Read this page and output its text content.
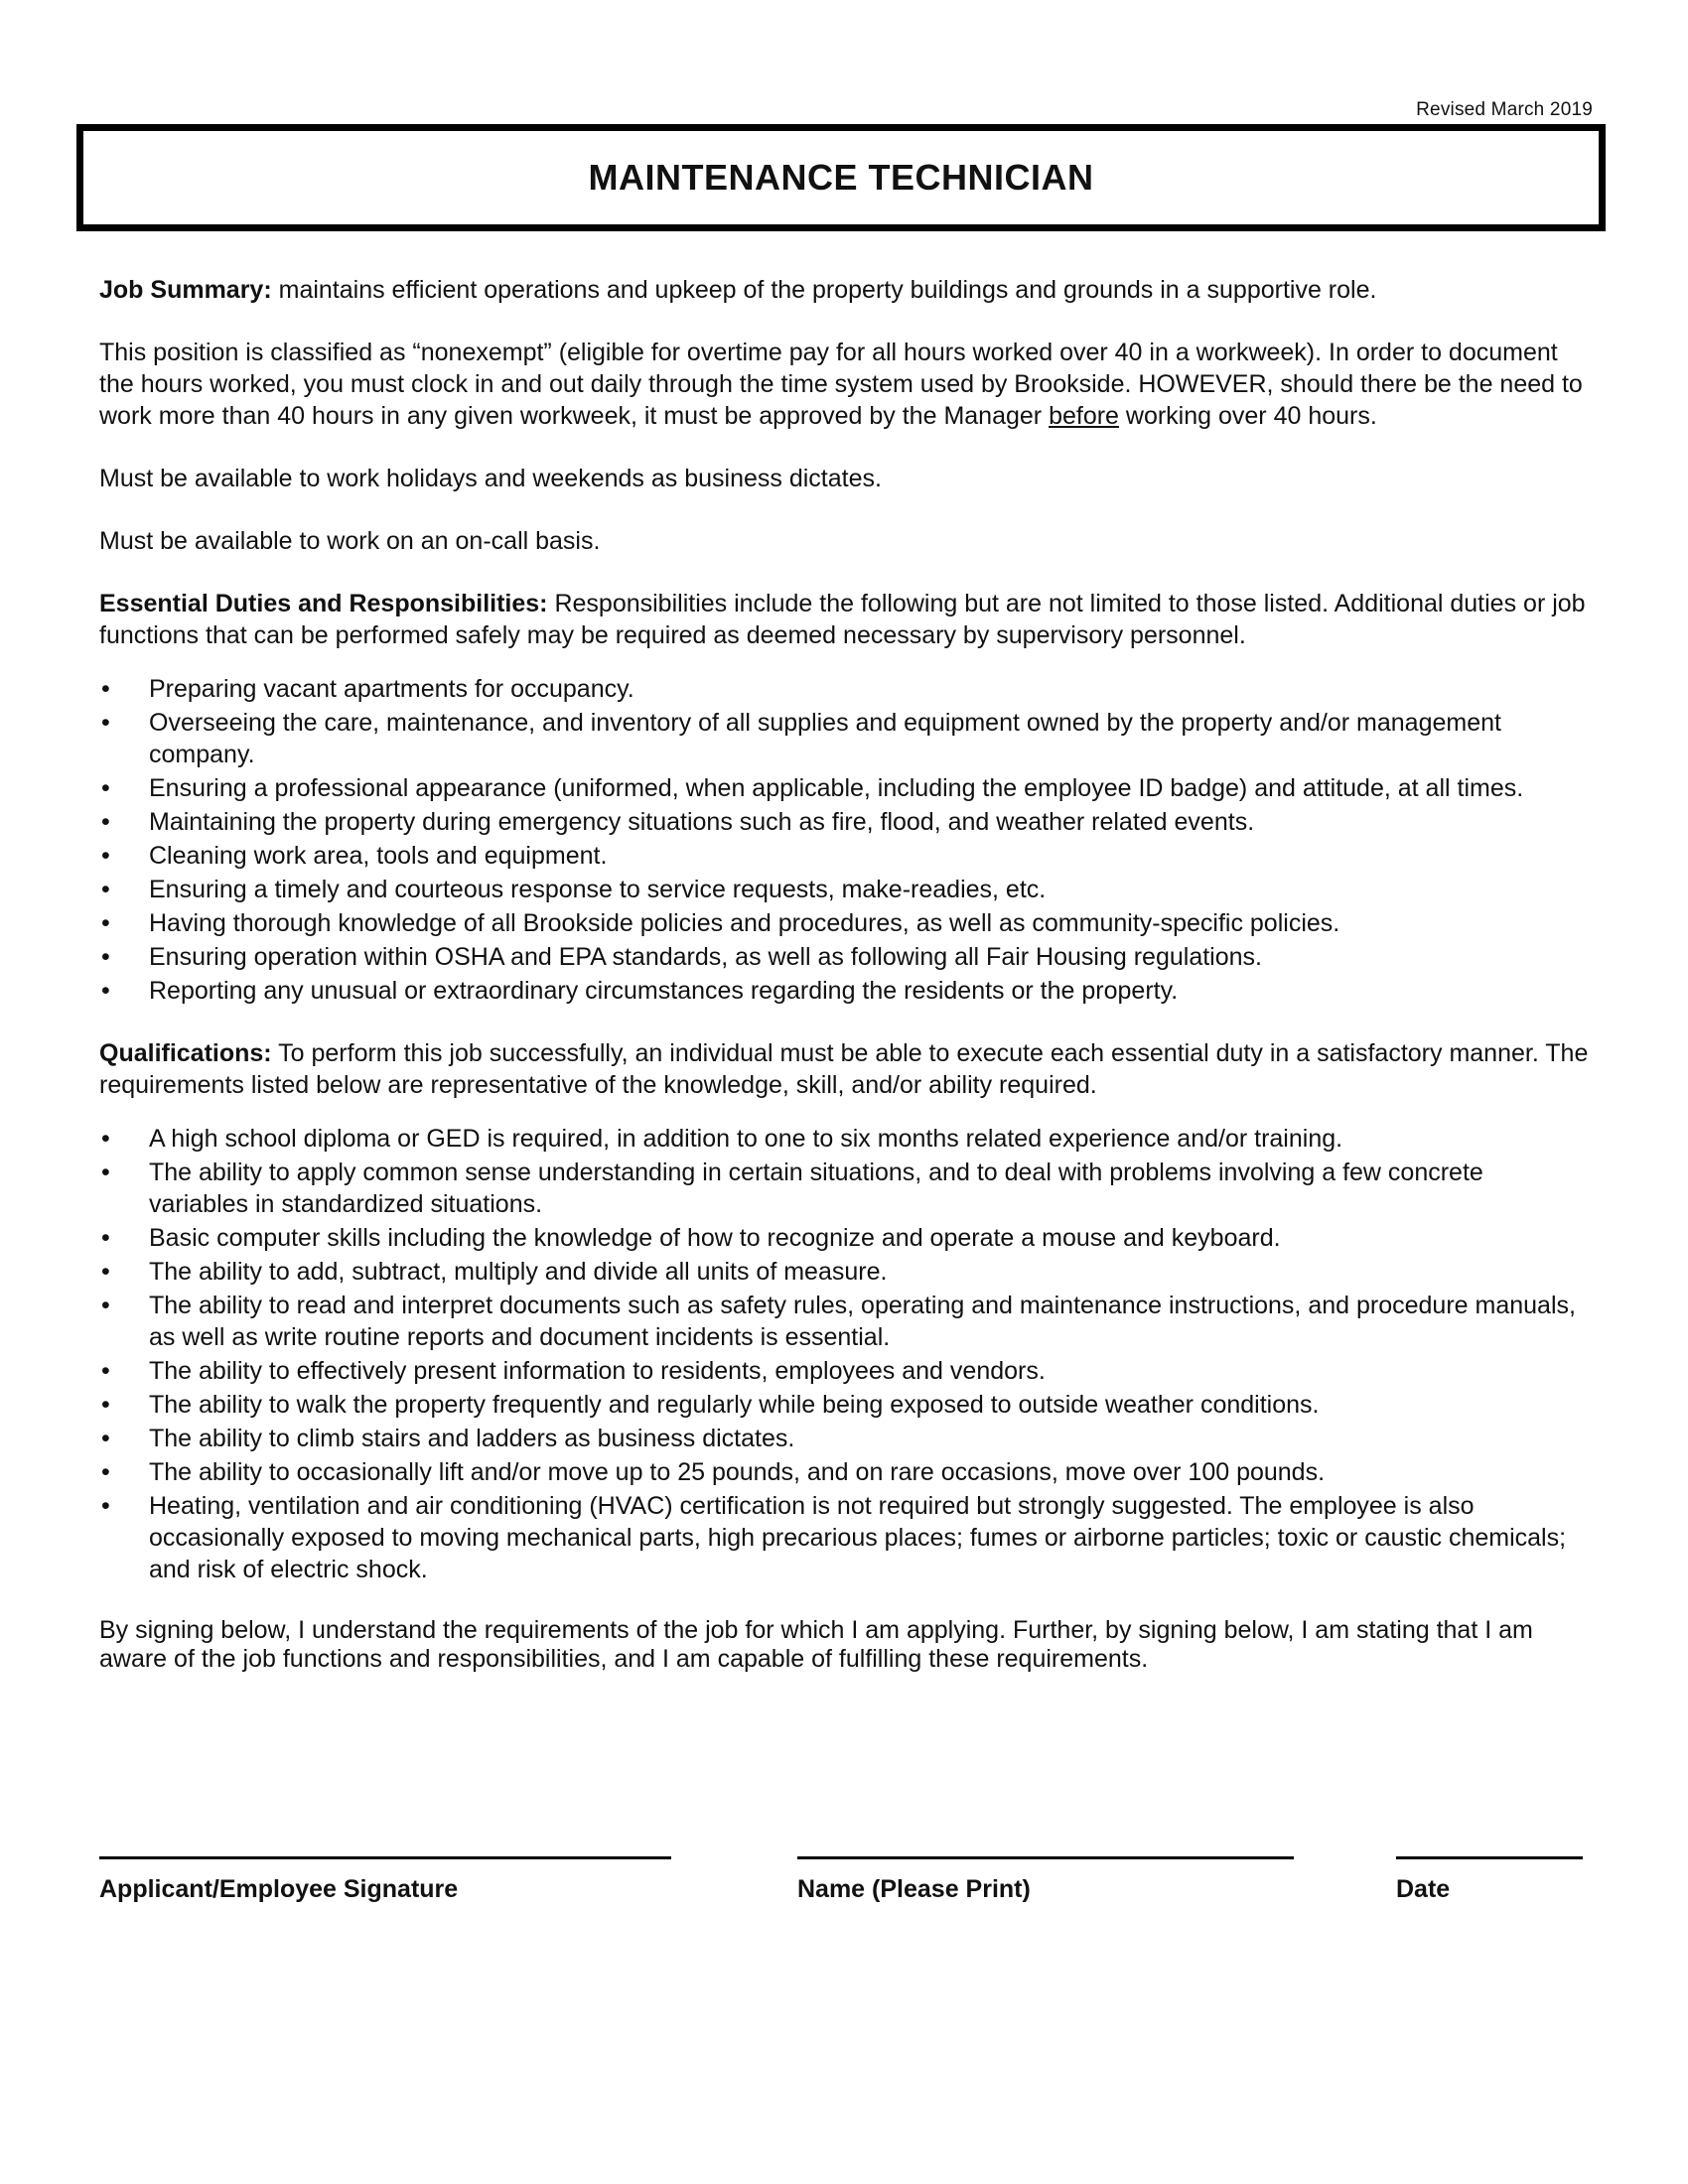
Revised March 2019
MAINTENANCE TECHNICIAN

Job Summary: maintains efficient operations and upkeep of the property buildings and grounds in a supportive role.

This position is classified as “nonexempt” (eligible for overtime pay for all hours worked over 40 in a workweek). In order to document the hours worked, you must clock in and out daily through the time system used by Brookside. HOWEVER, should there be the need to work more than 40 hours in any given workweek, it must be approved by the Manager before working over 40 hours.

Must be available to work holidays and weekends as business dictates.

Must be available to work on an on-call basis.

Essential Duties and Responsibilities: Responsibilities include the following but are not limited to those listed. Additional duties or job functions that can be performed safely may be required as deemed necessary by supervisory personnel.

• Preparing vacant apartments for occupancy.
• Overseeing the care, maintenance, and inventory of all supplies and equipment owned by the property and/or management company.
• Ensuring a professional appearance (uniformed, when applicable, including the employee ID badge) and attitude, at all times.
• Maintaining the property during emergency situations such as fire, flood, and weather related events.
• Cleaning work area, tools and equipment.
• Ensuring a timely and courteous response to service requests, make-readies, etc.
• Having thorough knowledge of all Brookside policies and procedures, as well as community-specific policies.
• Ensuring operation within OSHA and EPA standards, as well as following all Fair Housing regulations.
• Reporting any unusual or extraordinary circumstances regarding the residents or the property.

Qualifications: To perform this job successfully, an individual must be able to execute each essential duty in a satisfactory manner. The requirements listed below are representative of the knowledge, skill, and/or ability required.

• A high school diploma or GED is required, in addition to one to six months related experience and/or training.
• The ability to apply common sense understanding in certain situations, and to deal with problems involving a few concrete variables in standardized situations.
• Basic computer skills including the knowledge of how to recognize and operate a mouse and keyboard.
• The ability to add, subtract, multiply and divide all units of measure.
• The ability to read and interpret documents such as safety rules, operating and maintenance instructions, and procedure manuals, as well as write routine reports and document incidents is essential.
• The ability to effectively present information to residents, employees and vendors.
• The ability to walk the property frequently and regularly while being exposed to outside weather conditions.
• The ability to climb stairs and ladders as business dictates.
• The ability to occasionally lift and/or move up to 25 pounds, and on rare occasions, move over 100 pounds.
• Heating, ventilation and air conditioning (HVAC) certification is not required but strongly suggested. The employee is also occasionally exposed to moving mechanical parts, high precarious places; fumes or airborne particles; toxic or caustic chemicals; and risk of electric shock.

By signing below, I understand the requirements of the job for which I am applying. Further, by signing below, I am stating that I am aware of the job functions and responsibilities, and I am capable of fulfilling these requirements.

Applicant/Employee Signature	Name (Please Print)	Date
